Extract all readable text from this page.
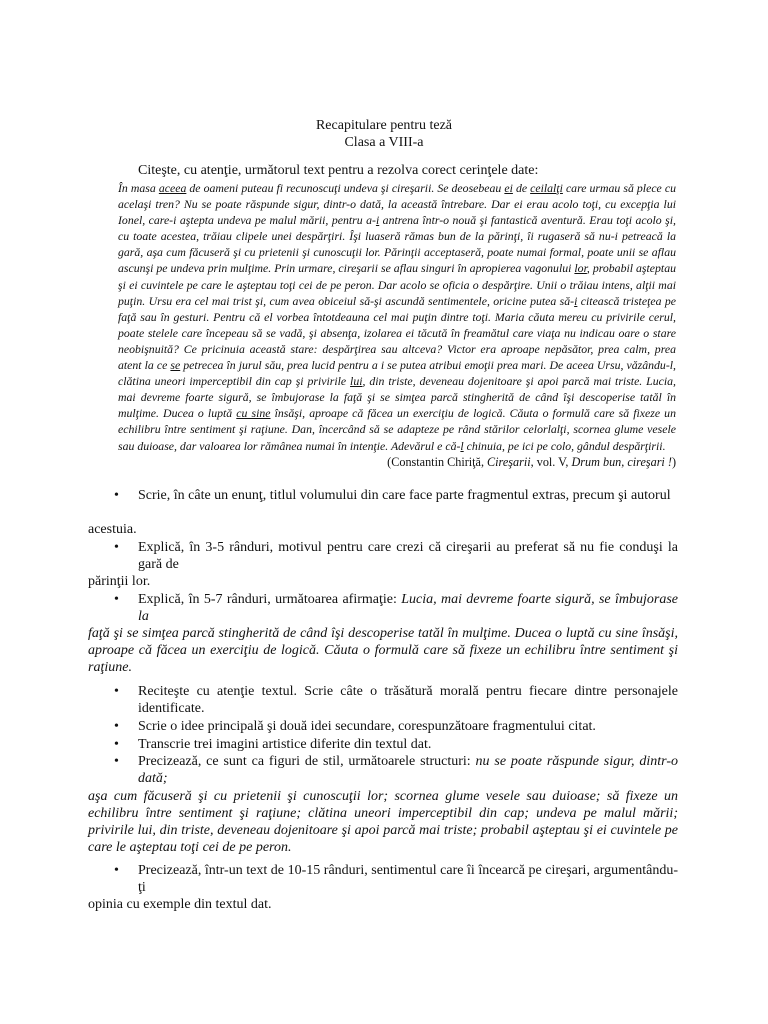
Recapitulare pentru teză
Clasa a VIII-a
Citeşte, cu atenţie, următorul text pentru a rezolva corect cerinţele date:
În masa aceea de oameni puteau fi recunoscuţi undeva şi cireşarii. Se deosebeau ei de ceilalţi care urmau să plece cu acelaşi tren? Nu se poate răspunde sigur, dintr-o dată, la această întrebare. Dar ei erau acolo toţi, cu excepţia lui Ionel, care-i aştepta undeva pe malul mării, pentru a-i antrena într-o nouă şi fantastică aventură. Erau toţi acolo şi, cu toate acestea, trăiau clipele unei despărţiri. Îşi luaseră rămas bun de la părinţi, îi rugaseră să nu-i petreacă la gară, aşa cum făcuseră şi cu prietenii şi cunoscuţii lor. Părinţii acceptaseră, poate numai formal, poate unii se aflau ascunşi pe undeva prin mulţime. Prin urmare, cireşarii se aflau singuri în apropierea vagonului lor, probabil aşteptau şi ei cuvintele pe care le aşteptau toţi cei de pe peron. Dar acolo se oficia o despărţire. Unii o trăiau intens, alţii mai puţin. Ursu era cel mai trist şi, cum avea obiceiul să-şi ascundă sentimentele, oricine putea să-i citească tristeţea pe faţă sau în gesturi. Pentru că el vorbea întotdeauna cel mai puţin dintre toţi. Maria căuta mereu cu privirile cerul, poate stelele care începeau să se vadă, şi absenţa, izolarea ei tăcută în freamătul care viaţa nu indicau oare o stare neobişnuită? Ce pricinuia această stare: despărţirea sau altceva? Victor era aproape nepăsător, prea calm, prea atent la ce se petrecea în jurul său, prea lucid pentru a i se putea atribui emoţii prea mari. De aceea Ursu, văzându-l, clătina uneori imperceptibil din cap şi privirile lui, din triste, deveneau dojenitoare şi apoi parcă mai triste. Lucia, mai devreme foarte sigură, se îmbujorase la faţă şi se simţea parcă stingherită de când îşi descoperise tatăl în mulţime. Ducea o luptă cu sine însăşi, aproape că făcea un exerciţiu de logică. Căuta o formulă care să fixeze un echilibru între sentiment şi raţiune. Dan, încercând să se adapteze pe rând stărilor celorlalţi, scornea glume vesele sau duioase, dar valoarea lor rămânea numai în intenţie. Adevărul e că-l chinuia, pe ici pe colo, gândul despărţirii.
(Constantin Chiriţă, Cireşarii, vol. V, Drum bun, cireşari !)
• Scrie, în câte un enunţ, titlul volumului din care face parte fragmentul extras, precum şi autorul
acestuia.
• Explică, în 3-5 rânduri, motivul pentru care crezi că cireşarii au preferat să nu fie conduşi la gară de
părinţii lor.
• Explică, în 5-7 rânduri, următoarea afirmaţie: Lucia, mai devreme foarte sigură, se îmbujorase la
faţă şi se simţea parcă stingherită de când îşi descoperise tatăl în mulţime. Ducea o luptă cu sine însăşi, aproape că făcea un exerciţiu de logică. Căuta o formulă care să fixeze un echilibru între sentiment şi raţiune.
• Reciteşte cu atenţie textul. Scrie câte o trăsătură morală pentru fiecare dintre personajele identificate.
• Scrie o idee principală şi două idei secundare, corespunzătoare fragmentului citat.
• Transcrie trei imagini artistice diferite din textul dat.
• Precizează, ce sunt ca figuri de stil, următoarele structuri: nu se poate răspunde sigur, dintr-o dată;
aşa cum făcuseră şi cu prietenii şi cunoscuţii lor; scornea glume vesele sau duioase; să fixeze un echilibru între sentiment şi raţiune; clătina uneori imperceptibil din cap; undeva pe malul mării; privirile lui, din triste, deveneau dojenitoare şi apoi parcă mai triste; probabil aşteptau şi ei cuvintele pe care le aşteptau toţi cei de pe peron.
• Precizează, într-un text de 10-15 rânduri, sentimentul care îi încearcă pe cireşari, argumentându-ţi
opinia cu exemple din textul dat.
